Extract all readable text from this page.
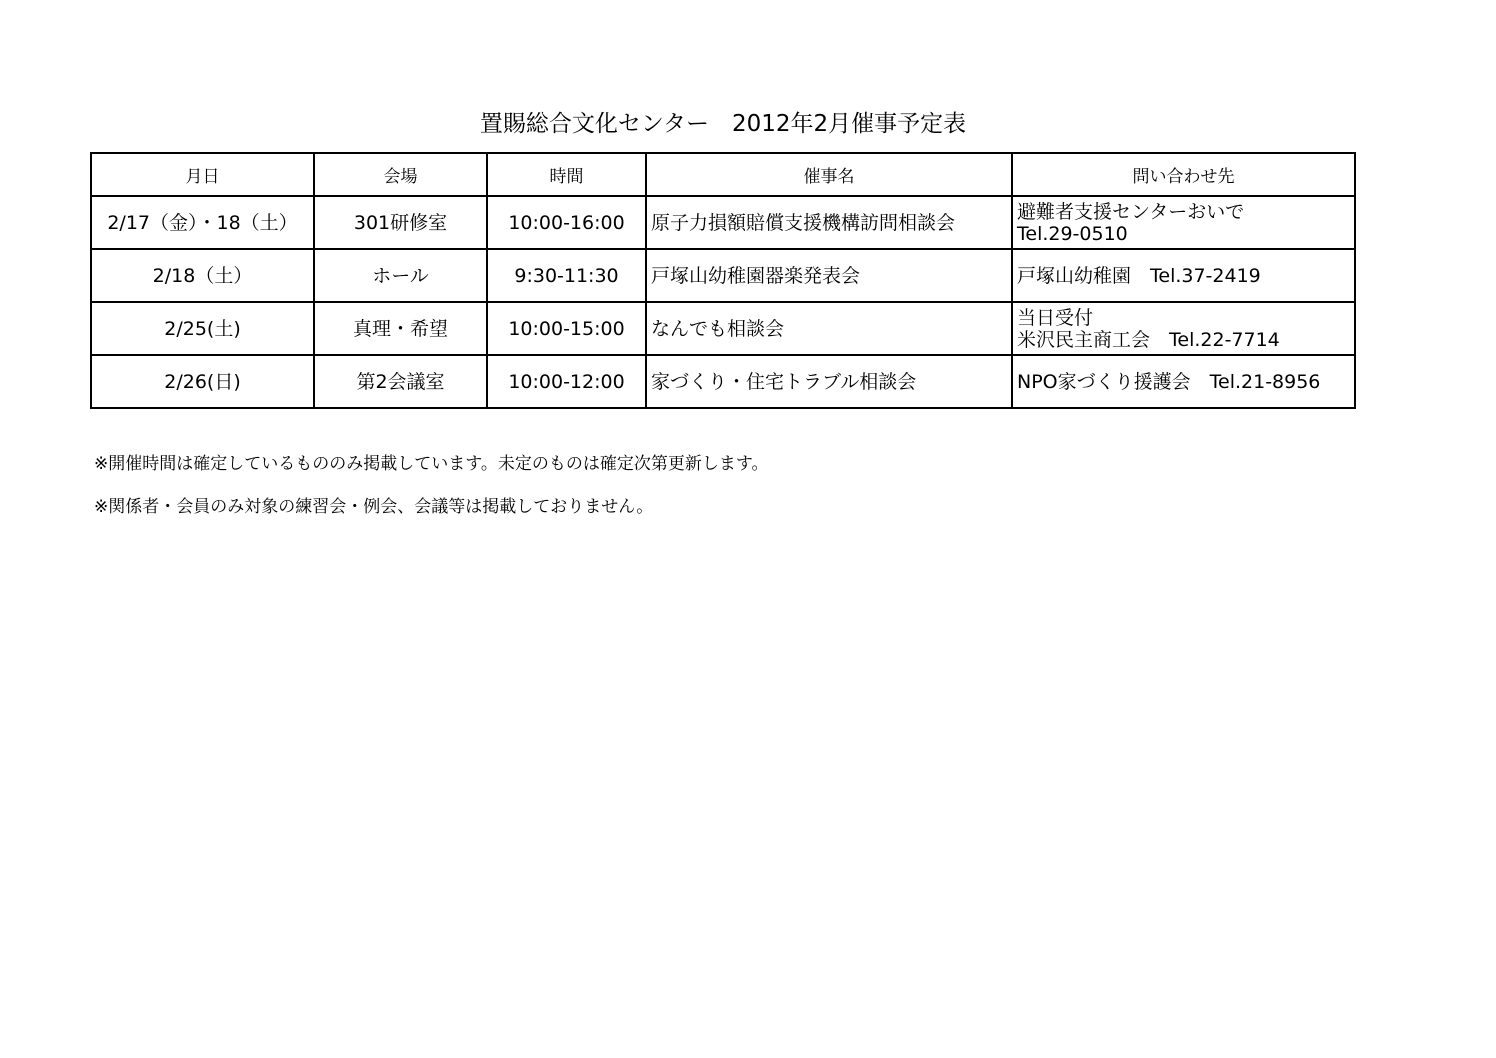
置賜総合文化センター　2012年2月催事予定表
月日	会場	時間	催事名	問い合わせ先
2/17（金）・18（土）	301研修室	10:00-16:00	原子力損額賠償支援機構訪問相談会	避難者支援センターおいで
Tel.29-0510

2/18（土）	ホール	9:30-11:30	戸塚山幼稚園器楽発表会	戸塚山幼稚園　Tel.37-2419

2/25(土)	真理・希望	10:00-15:00	なんでも相談会	当日受付
米沢民主商工会　Tel.22-7714

2/26(日)	第2会議室	10:00-12:00	家づくり・住宅トラブル相談会	NPO家づくり援護会　Tel.21-8956
※開催時間は確定しているもののみ掲載しています。未定のものは確定次第更新します。
※関係者・会員のみ対象の練習会・例会、会議等は掲載しておりません。
